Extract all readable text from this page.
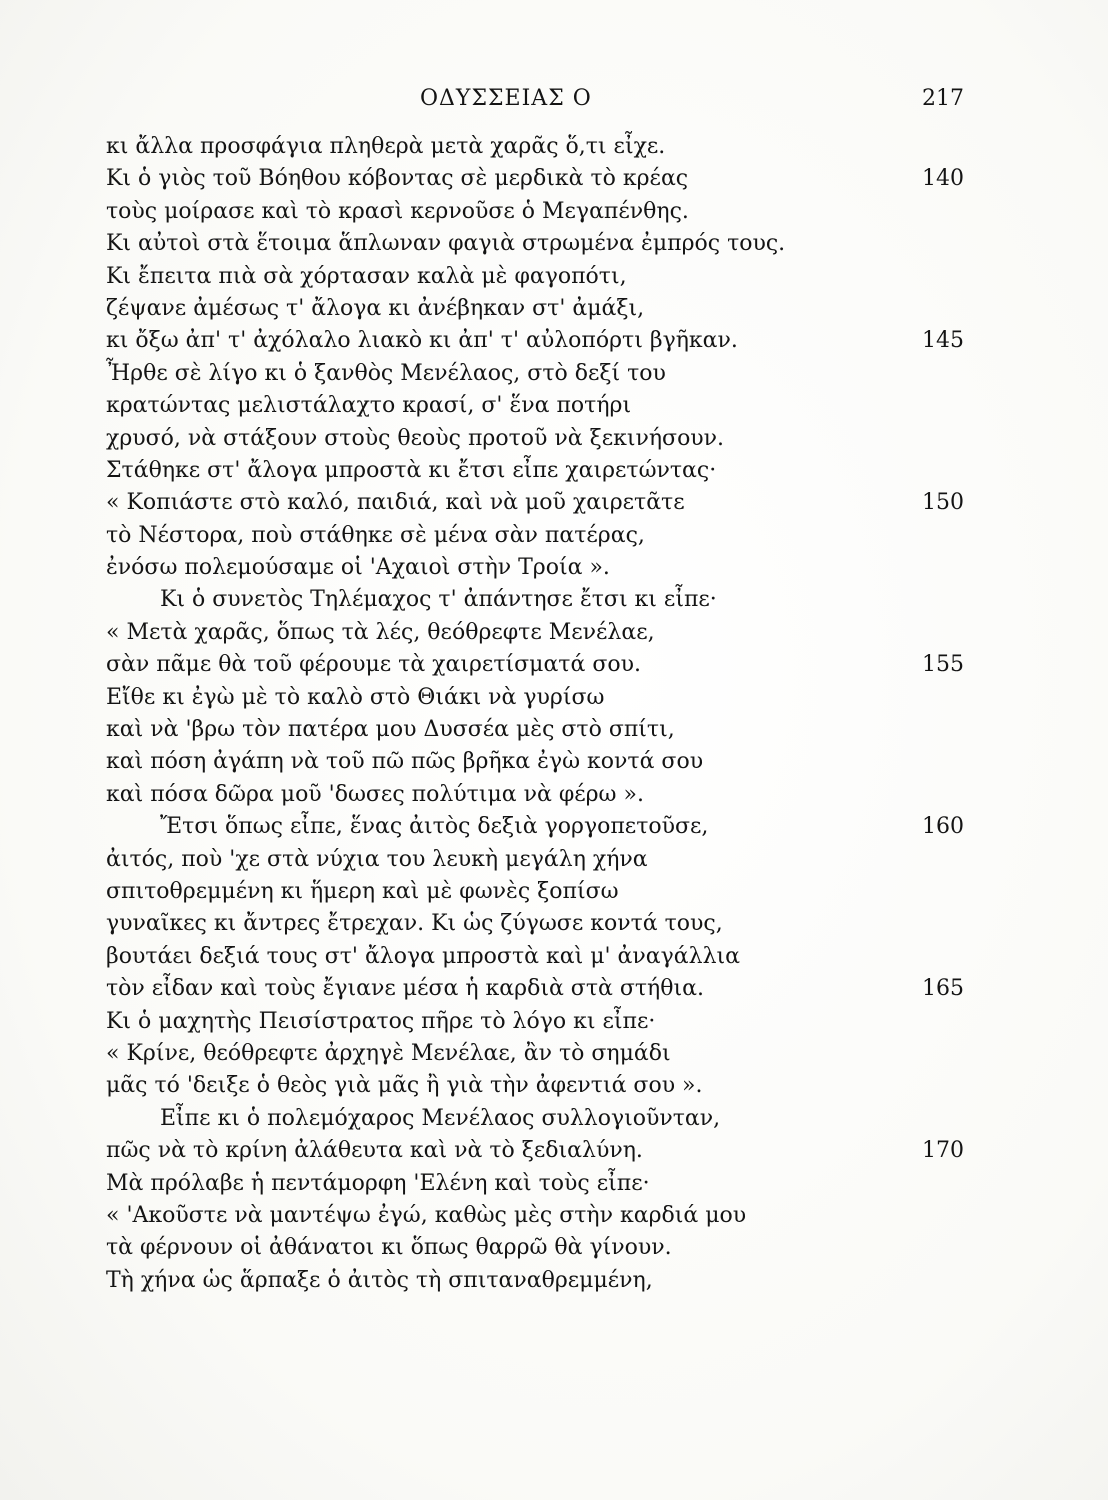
ΟΔΥΣΣΕΙΑΣ Ο	217
κι ἄλλα προσφάγια πληθερὰ μετὰ χαρᾶς ὅ,τι εἶχε.
Κι ὁ γιὸς τοῦ Βόηθου κόβοντας σὲ μερδικὰ τὸ κρέας	140
τοὺς μοίρασε καὶ τὸ κρασὶ κερνοῦσε ὁ Μεγαπένθης.
Κι αὐτοὶ στὰ ἕτοιμα ἅπλωναν φαγιὰ στρωμένα ἐμπρός τους.
Κι ἔπειτα πιὰ σὰ χόρτασαν καλὰ μὲ φαγοπότι,
ζέψανε ἀμέσως τ' ἄλογα κι ἀνέβηκαν στ' ἀμάξι,
κι ὄξω ἀπ' τ' ἀχόλαλο λιακὸ κι ἀπ' τ' αὐλοπόρτι βγῆκαν.	145
Ἦρθε σὲ λίγο κι ὁ ξανθὸς Μενέλαος, στὸ δεξί του
κρατώντας μελιστάλαχτο κρασί, σ' ἕνα ποτήρι
χρυσό, νὰ στάξουν στοὺς θεοὺς προτοῦ νὰ ξεκινήσουν.
Στάθηκε στ' ἄλογα μπροστὰ κι ἔτσι εἶπε χαιρετώντας·
« Κοπιάστε στὸ καλό, παιδιά, καὶ νὰ μοῦ χαιρετᾶτε	150
τὸ Νέστορα, ποὺ στάθηκε σὲ μένα σὰν πατέρας,
ἐνόσω πολεμούσαμε οἱ 'Αχαιοὶ στὴν Τροία ».
Κι ὁ συνετὸς Τηλέμαχος τ' ἀπάντησε ἔτσι κι εἶπε·
« Μετὰ χαρᾶς, ὅπως τὰ λές, θεόθρεφτε Μενέλαε,
σὰν πᾶμε θὰ τοῦ φέρουμε τὰ χαιρετίσματά σου.	155
Εἴθε κι ἐγὼ μὲ τὸ καλὸ στὸ Θιάκι νὰ γυρίσω
καὶ νὰ 'βρω τὸν πατέρα μου Δυσσέα μὲς στὸ σπίτι,
καὶ πόση ἀγάπη νὰ τοῦ πῶ πῶς βρῆκα ἐγὼ κοντά σου
καὶ πόσα δῶρα μοῦ 'δωσες πολύτιμα νὰ φέρω ».
Ἔτσι ὅπως εἶπε, ἕνας ἀιτὸς δεξιὰ γοργοπετοῦσε,	160
ἀιτός, ποὺ 'χε στὰ νύχια του λευκὴ μεγάλη χήνα
σπιτοθρεμμένη κι ἥμερη καὶ μὲ φωνὲς ξοπίσω
γυναῖκες κι ἄντρες ἔτρεχαν. Κι ὡς ζύγωσε κοντά τους,
βουτάει δεξιά τους στ' ἄλογα μπροστὰ καὶ μ' ἀναγάλλια
τὸν εἶδαν καὶ τοὺς ἔγιανε μέσα ἡ καρδιὰ στὰ στήθια.	165
Κι ὁ μαχητὴς Πεισίστρατος πῆρε τὸ λόγο κι εἶπε·
« Κρίνε, θεόθρεφτε ἀρχηγὲ Μενέλαε, ἂν τὸ σημάδι
μᾶς τό 'δειξε ὁ θεὸς γιὰ μᾶς ἢ γιὰ τὴν ἀφεντιά σου ».
Εἶπε κι ὁ πολεμόχαρος Μενέλαος συλλογιοῦνταν,
πῶς νὰ τὸ κρίνη ἀλάθευτα καὶ νὰ τὸ ξεδιαλύνη.	170
Μὰ πρόλαβε ἡ πεντάμορφη 'Ελένη καὶ τοὺς εἶπε·
« 'Ακοῦστε νὰ μαντέψω ἐγώ, καθὼς μὲς στὴν καρδιά μου
τὰ φέρνουν οἱ ἀθάνατοι κι ὅπως θαρρῶ θὰ γίνουν.
Τὴ χήνα ὡς ἅρπαξε ὁ ἀιτὸς τὴ σπιταναθρεμμένη,
